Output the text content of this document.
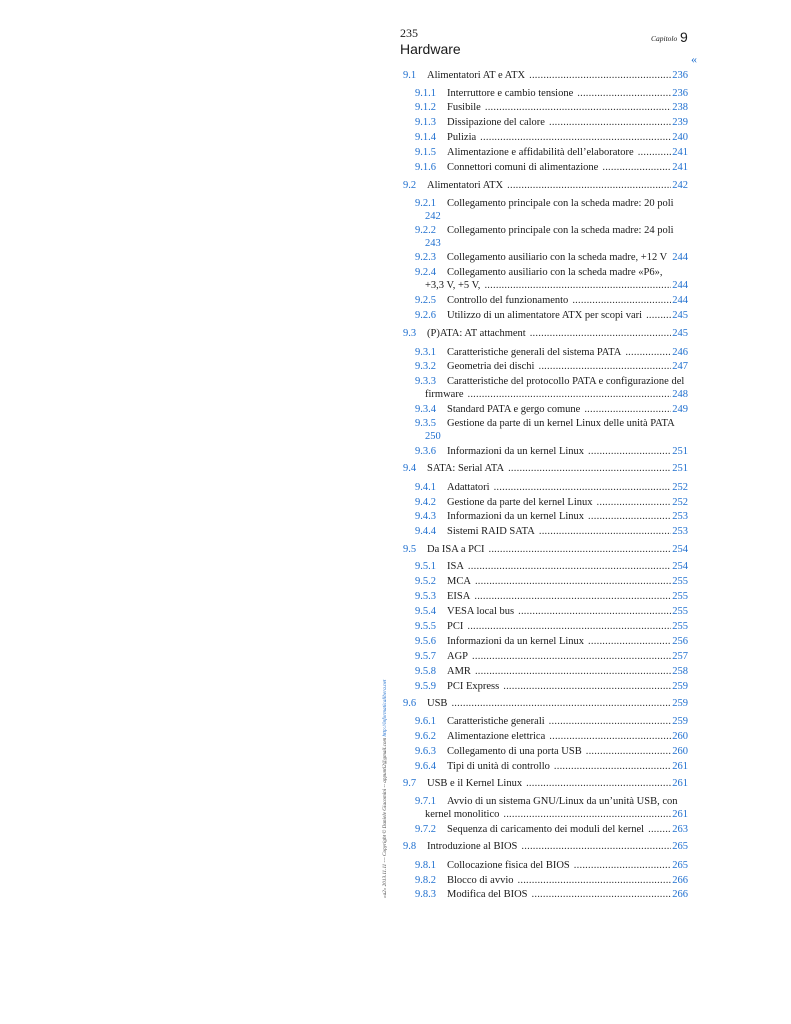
235
Hardware
Capitolo 9
«
«a2» 2013.11.11 --- Copyright © Daniele Giacomini -- appunti2@gmail.com http://informaticalibera.net
9.1	Alimentatori AT e ATX . . .	236
9.1.1	Interruttore e cambio tensione . . .	236
9.1.2	Fusibile . . .	238
9.1.3	Dissipazione del calore . . .	239
9.1.4	Pulizia . . .	240
9.1.5	Alimentazione e affidabilità dell’elaboratore . . .	241
9.1.6	Connettori comuni di alimentazione . . .	241
9.2	Alimentatori ATX . . .	242
9.2.1	Collegamento principale con la scheda madre: 20 poli
242
9.2.2	Collegamento principale con la scheda madre: 24 poli
243
9.2.3	Collegamento ausiliario con la scheda madre, +12 V 244
9.2.4	Collegamento ausiliario con la scheda madre «P6»,
+3,3 V, +5 V, . . .	244
9.2.5	Controllo del funzionamento . . .	244
9.2.6	Utilizzo di un alimentatore ATX per scopi vari . . .	245
9.3	(P)ATA: AT attachment . . .	245
9.3.1	Caratteristiche generali del sistema PATA . . .	246
9.3.2	Geometria dei dischi . . .	247
9.3.3	Caratteristiche del protocollo PATA e configurazione del
firmware . . .	248
9.3.4	Standard PATA e gergo comune . . .	249
9.3.5	Gestione da parte di un kernel Linux delle unità PATA
250
9.3.6	Informazioni da un kernel Linux . . .	251
9.4	SATA: Serial ATA . . .	251
9.4.1	Adattatori . . .	252
9.4.2	Gestione da parte del kernel Linux . . .	252
9.4.3	Informazioni da un kernel Linux . . .	253
9.4.4	Sistemi RAID SATA . . .	253
9.5	Da ISA a PCI . . .	254
9.5.1	ISA . . .	254
9.5.2	MCA . . .	255
9.5.3	EISA . . .	255
9.5.4	VESA local bus . . .	255
9.5.5	PCI . . .	255
9.5.6	Informazioni da un kernel Linux . . .	256
9.5.7	AGP . . .	257
9.5.8	AMR . . .	258
9.5.9	PCI Express . . .	259
9.6	USB . . .	259
9.6.1	Caratteristiche generali . . .	259
9.6.2	Alimentazione elettrica . . .	260
9.6.3	Collegamento di una porta USB . . .	260
9.6.4	Tipi di unità di controllo . . .	261
9.7	USB e il Kernel Linux . . .	261
9.7.1	Avvio di un sistema GNU/Linux da un’unità USB, con
kernel monolitico . . .	261
9.7.2	Sequenza di caricamento dei moduli del kernel . . .	263
9.8	Introduzione al BIOS . . .	265
9.8.1	Collocazione fisica del BIOS . . .	265
9.8.2	Blocco di avvio . . .	266
9.8.3	Modifica del BIOS . . .	266
